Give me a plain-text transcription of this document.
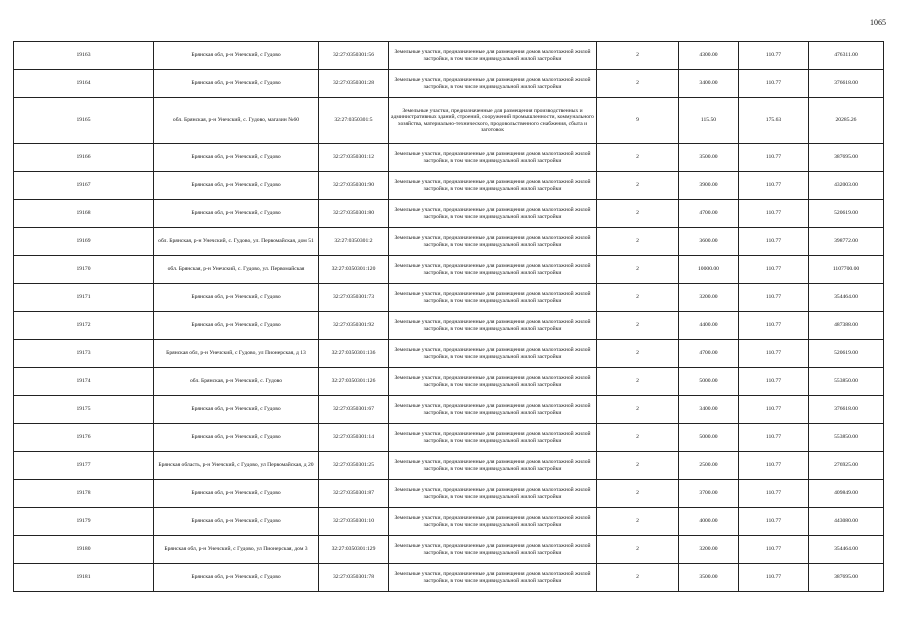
1065
19163	Брянская обл, р-н Унечский, с Гудово	32:27:0350301:56	Земельные участки, предназначенные для размещения домов малоэтажной жилой застройки, в том числе индивидуальной жилой застройки	2	4300.00	110.77	476311.00
19164	Брянская обл, р-н Унечский, с Гудово	32:27:0350301:28	Земельные участки, предназначенные для размещения домов малоэтажной жилой застройки, в том числе индивидуальной жилой застройки	2	3400.00	110.77	376618.00
19165	обл. Брянская, р-н Унечский, с. Гудово, магазин №60	32:27:0350301:5	Земельные участки, предназначенные для размещения производственных и административных зданий, строений, сооружений промышленности, коммунального хозяйства, материально-технического, продовольственного снабжения, сбыта и заготовок	9	115.50	175.63	20285.26
19166	Брянская обл, р-н Унечский, с Гудово	32:27:0350301:12	Земельные участки, предназначенные для размещения домов малоэтажной жилой застройки, в том числе индивидуальной жилой застройки	2	3500.00	110.77	387695.00
19167	Брянская обл, р-н Унечский, с Гудово	32:27:0350301:90	Земельные участки, предназначенные для размещения домов малоэтажной жилой застройки, в том числе индивидуальной жилой застройки	2	3900.00	110.77	432003.00
19168	Брянская обл, р-н Унечский, с Гудово	32:27:0350301:80	Земельные участки, предназначенные для размещения домов малоэтажной жилой застройки, в том числе индивидуальной жилой застройки	2	4700.00	110.77	520619.00
19169	обл. Брянская, р-н Унечский, с. Гудово, ул. Первомайская, дом 51	32:27:0350301:2	Земельные участки, предназначенные для размещения домов малоэтажной жилой застройки, в том числе индивидуальной жилой застройки	2	3600.00	110.77	398772.00
19170	обл. Брянская, р-н Унечский, с. Гудово, ул. Первомайская	32:27:0350301:120	Земельные участки, предназначенные для размещения домов малоэтажной жилой застройки, в том числе индивидуальной жилой застройки	2	10000.00	110.77	1107700.00
19171	Брянская обл, р-н Унечский, с Гудово	32:27:0350301:73	Земельные участки, предназначенные для размещения домов малоэтажной жилой застройки, в том числе индивидуальной жилой застройки	2	3200.00	110.77	354464.00
19172	Брянская обл, р-н Унечский, с Гудово	32:27:0350301:92	Земельные участки, предназначенные для размещения домов малоэтажной жилой застройки, в том числе индивидуальной жилой застройки	2	4400.00	110.77	487388.00
19173	Брянская обл, р-н Унечский, с Гудово, ул Пионерская, д 13	32:27:0350301:136	Земельные участки, предназначенные для размещения домов малоэтажной жилой застройки, в том числе индивидуальной жилой застройки	2	4700.00	110.77	520619.00
19174	обл. Брянская, р-н Унечский, с. Гудово	32:27:0350301:126	Земельные участки, предназначенные для размещения домов малоэтажной жилой застройки, в том числе индивидуальной жилой застройки	2	5000.00	110.77	553850.00
19175	Брянская обл, р-н Унечский, с Гудово	32:27:0350301:67	Земельные участки, предназначенные для размещения домов малоэтажной жилой застройки, в том числе индивидуальной жилой застройки	2	3400.00	110.77	376618.00
19176	Брянская обл, р-н Унечский, с Гудово	32:27:0350301:14	Земельные участки, предназначенные для размещения домов малоэтажной жилой застройки, в том числе индивидуальной жилой застройки	2	5000.00	110.77	553850.00
19177	Брянская область, р-н Унечский, с Гудово, ул Первомайская, д 20	32:27:0350301:25	Земельные участки, предназначенные для размещения домов малоэтажной жилой застройки, в том числе индивидуальной жилой застройки	2	2500.00	110.77	276925.00
19178	Брянская обл, р-н Унечский, с Гудово	32:27:0350301:87	Земельные участки, предназначенные для размещения домов малоэтажной жилой застройки, в том числе индивидуальной жилой застройки	2	3700.00	110.77	409849.00
19179	Брянская обл, р-н Унечский, с Гудово	32:27:0350301:10	Земельные участки, предназначенные для размещения домов малоэтажной жилой застройки, в том числе индивидуальной жилой застройки	2	4000.00	110.77	443080.00
19180	Брянская обл, р-н Унечский, с Гудово, ул Пионерская, дом 3	32:27:0350301:129	Земельные участки, предназначенные для размещения домов малоэтажной жилой застройки, в том числе индивидуальной жилой застройки	2	3200.00	110.77	354464.00
19181	Брянская обл, р-н Унечский, с Гудово	32:27:0350301:78	Земельные участки, предназначенные для размещения домов малоэтажной жилой застройки, в том числе индивидуальной жилой застройки	2	3500.00	110.77	387695.00
